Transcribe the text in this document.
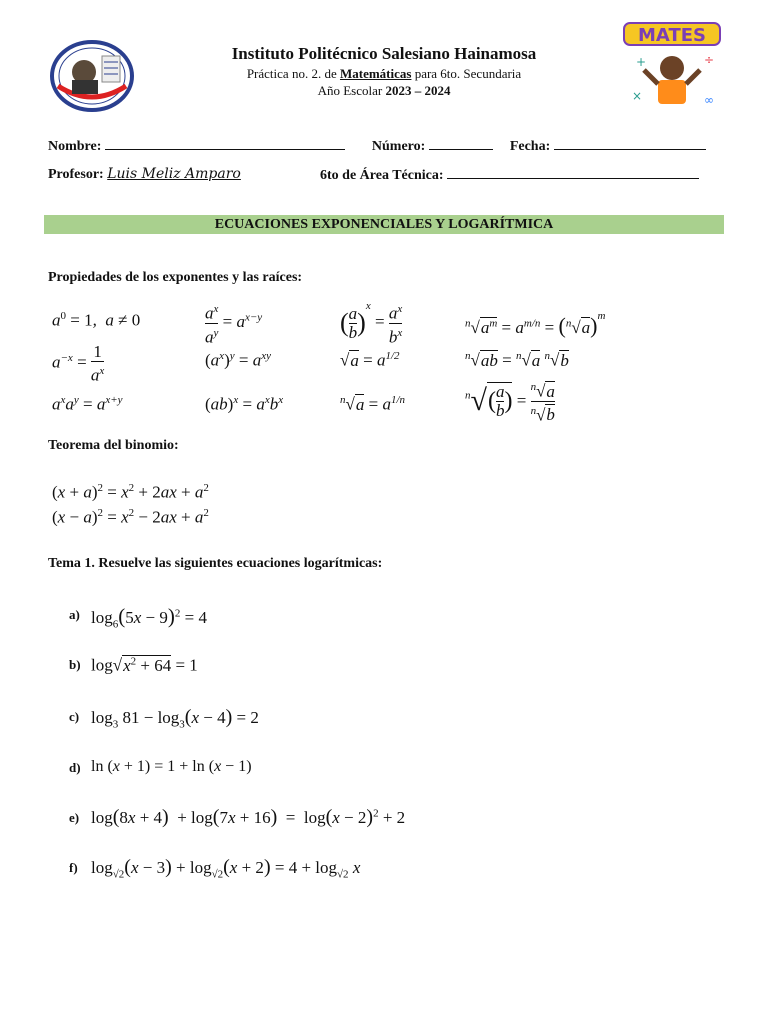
MATES
+	÷
×	∞
Instituto Politécnico Salesiano Hainamosa
Práctica no. 2. de Matemáticas para 6to. Secundaria
Año Escolar 2023 – 2024
Nombre:	Número:	Fecha:
Profesor: Luis Meliz Amparo	6to de Área Técnica:
ECUACIONES EXPONENCIALES Y LOGARÍTMICA
Propiedades de los exponentes y las raíces:
$a^0 = 1$,  a ≠ 0	$\frac{a^x}{a^y} = a^{x-y}$	( $\frac{a}{b} )^x = \frac{a^x}{b^x}$	$^n√a^m = a^{m/n} = (^n√a)^m$
$a^{-x} = \frac{1}{a^x}$	$(a^x)^y = a^{xy}$	$√a = a^{1/2}$	$^n$√ab = $^n$√a $^n$√b
$a^xa^y = a^{x+y}$	$(ab)^x = a^xb^x$	$^n√a = a^{1/n}$	$^n√( \frac{a}{b}$ ) = $\frac{^n√a}{^n√b}$
Teorema del binomio:
$(x + a)^2 = x^2 + 2ax + a^2$
$(x - a)^2 = x^2 - 2ax + a^2$
Tema 1. Resuelve las siguientes ecuaciones logarítmicas:
a) $\log_6(5x - 9)^2 = 4$
b) $\log√x^2 + 64 = 1$
c) $\log_3 81 - \log_3(x - 4) = 2$
d) ln (x + 1) = 1 + ln (x − 1)
e) $\log(8x + 4) + \log(7x + 16) = \log(x - 2)^2 + 2$
f) $\log_{√2}(x - 3) + \log_{√2}(x + 2) = 4 + \log_{√2} x$
